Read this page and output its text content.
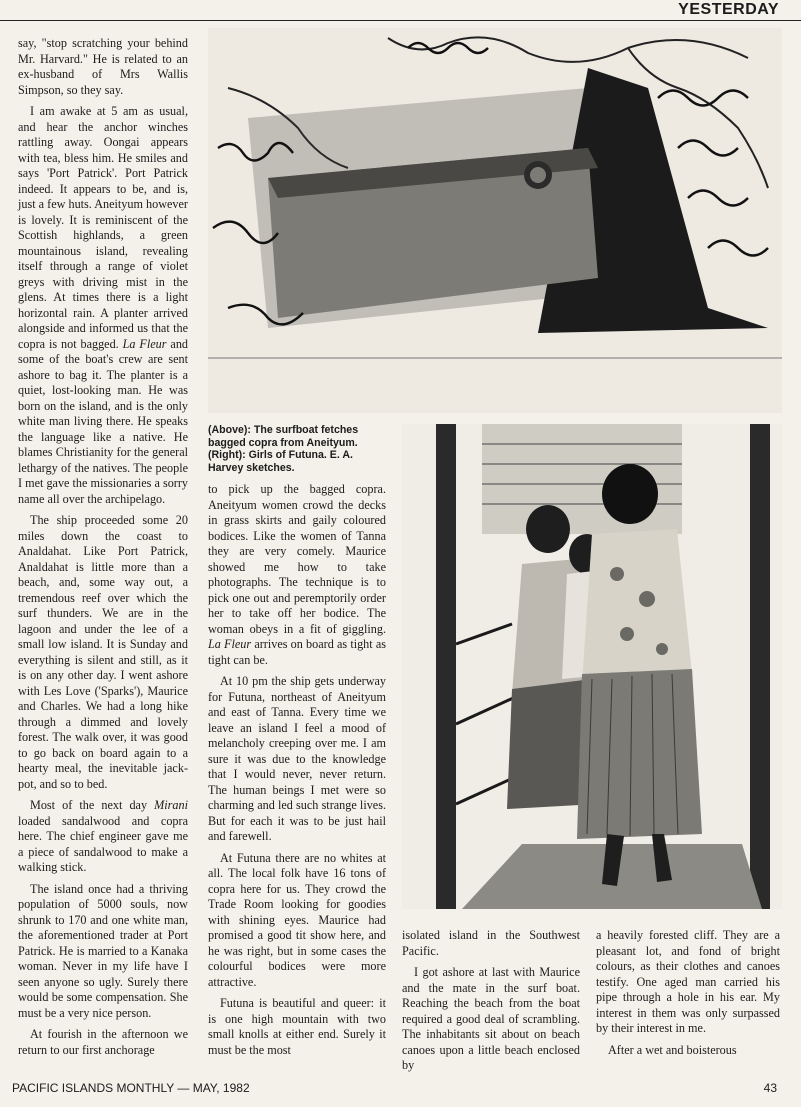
YESTERDAY

say, "stop scratching your behind Mr. Harvard." He is related to an ex-husband of Mrs Wallis Simpson, so they say.

I am awake at 5 am as usual, and hear the anchor winches rattling away. Oongai appears with tea, bless him. He smiles and says 'Port Patrick'. Port Patrick indeed. It appears to be, and is, just a few huts. Aneityum however is lovely. It is reminiscent of the Scottish highlands, a green mountainous island, revealing itself through a range of violet greys with driving mist in the glens. At times there is a light horizontal rain. A planter arrived alongside and informed us that the copra is not bagged. La Fleur and some of the boat's crew are sent ashore to bag it. The planter is a quiet, lost-looking man. He was born on the island, and is the only white man living there. He speaks the language like a native. He blames Christianity for the general lethargy of the natives. The people I met gave the missionaries a sorry name all over the archipelago.

The ship proceeded some 20 miles down the coast to Analdahat. Like Port Patrick, Analdahat is little more than a beach, and, some way out, a tremendous reef over which the surf thunders. We are in the lagoon and under the lee of a small low island. It is Sunday and everything is silent and still, as it is on any other day. I went ashore with Les Love ('Sparks'), Maurice and Charles. We had a long hike through a dimmed and lovely forest. The walk over, it was good to go back on board again to a hearty meal, the inevitable jack-pot, and so to bed.

Most of the next day Mirani loaded sandalwood and copra here. The chief engineer gave me a piece of sandalwood to make a walking stick.

The island once had a thriving population of 5000 souls, now shrunk to 170 and one white man, the aforementioned trader at Port Patrick. He is married to a Kanaka woman. Never in my life have I seen anyone so ugly. Surely there would be some compensation. She must be a very nice person.

At fourish in the afternoon we return to our first anchorage

(Above): The surfboat fetches bagged copra from Aneityum. (Right): Girls of Futuna. E. A. Harvey sketches.

to pick up the bagged copra. Aneityum women crowd the decks in grass skirts and gaily coloured bodices. Like the women of Tanna they are very comely. Maurice showed me how to take photographs. The technique is to pick one out and peremptorily order her to take off her bodice. The woman obeys in a fit of giggling. La Fleur arrives on board as tight as tight can be.

At 10 pm the ship gets underway for Futuna, northeast of Aneityum and east of Tanna. Every time we leave an island I feel a mood of melancholy creeping over me. I am sure it was due to the knowledge that I would never, never return. The human beings I met were so charming and led such strange lives. But for each it was to be just hail and farewell.

At Futuna there are no whites at all. The local folk have 16 tons of copra here for us. They crowd the Trade Room looking for goodies with shining eyes. Maurice had promised a good tit show here, and he was right, but in some cases the colourful bodices were more attractive.

Futuna is beautiful and queer: it is one high mountain with two small knolls at either end. Surely it must be the most

isolated island in the Southwest Pacific.

I got ashore at last with Maurice and the mate in the surf boat. Reaching the beach from the boat required a good deal of scrambling. The inhabitants sit about on beach canoes upon a little beach enclosed by

a heavily forested cliff. They are a pleasant lot, and fond of bright colours, as their clothes and canoes testify. One aged man carried his pipe through a hole in his ear. My interest in them was only surpassed by their interest in me.

After a wet and boisterous

PACIFIC ISLANDS MONTHLY — MAY, 1982	43
